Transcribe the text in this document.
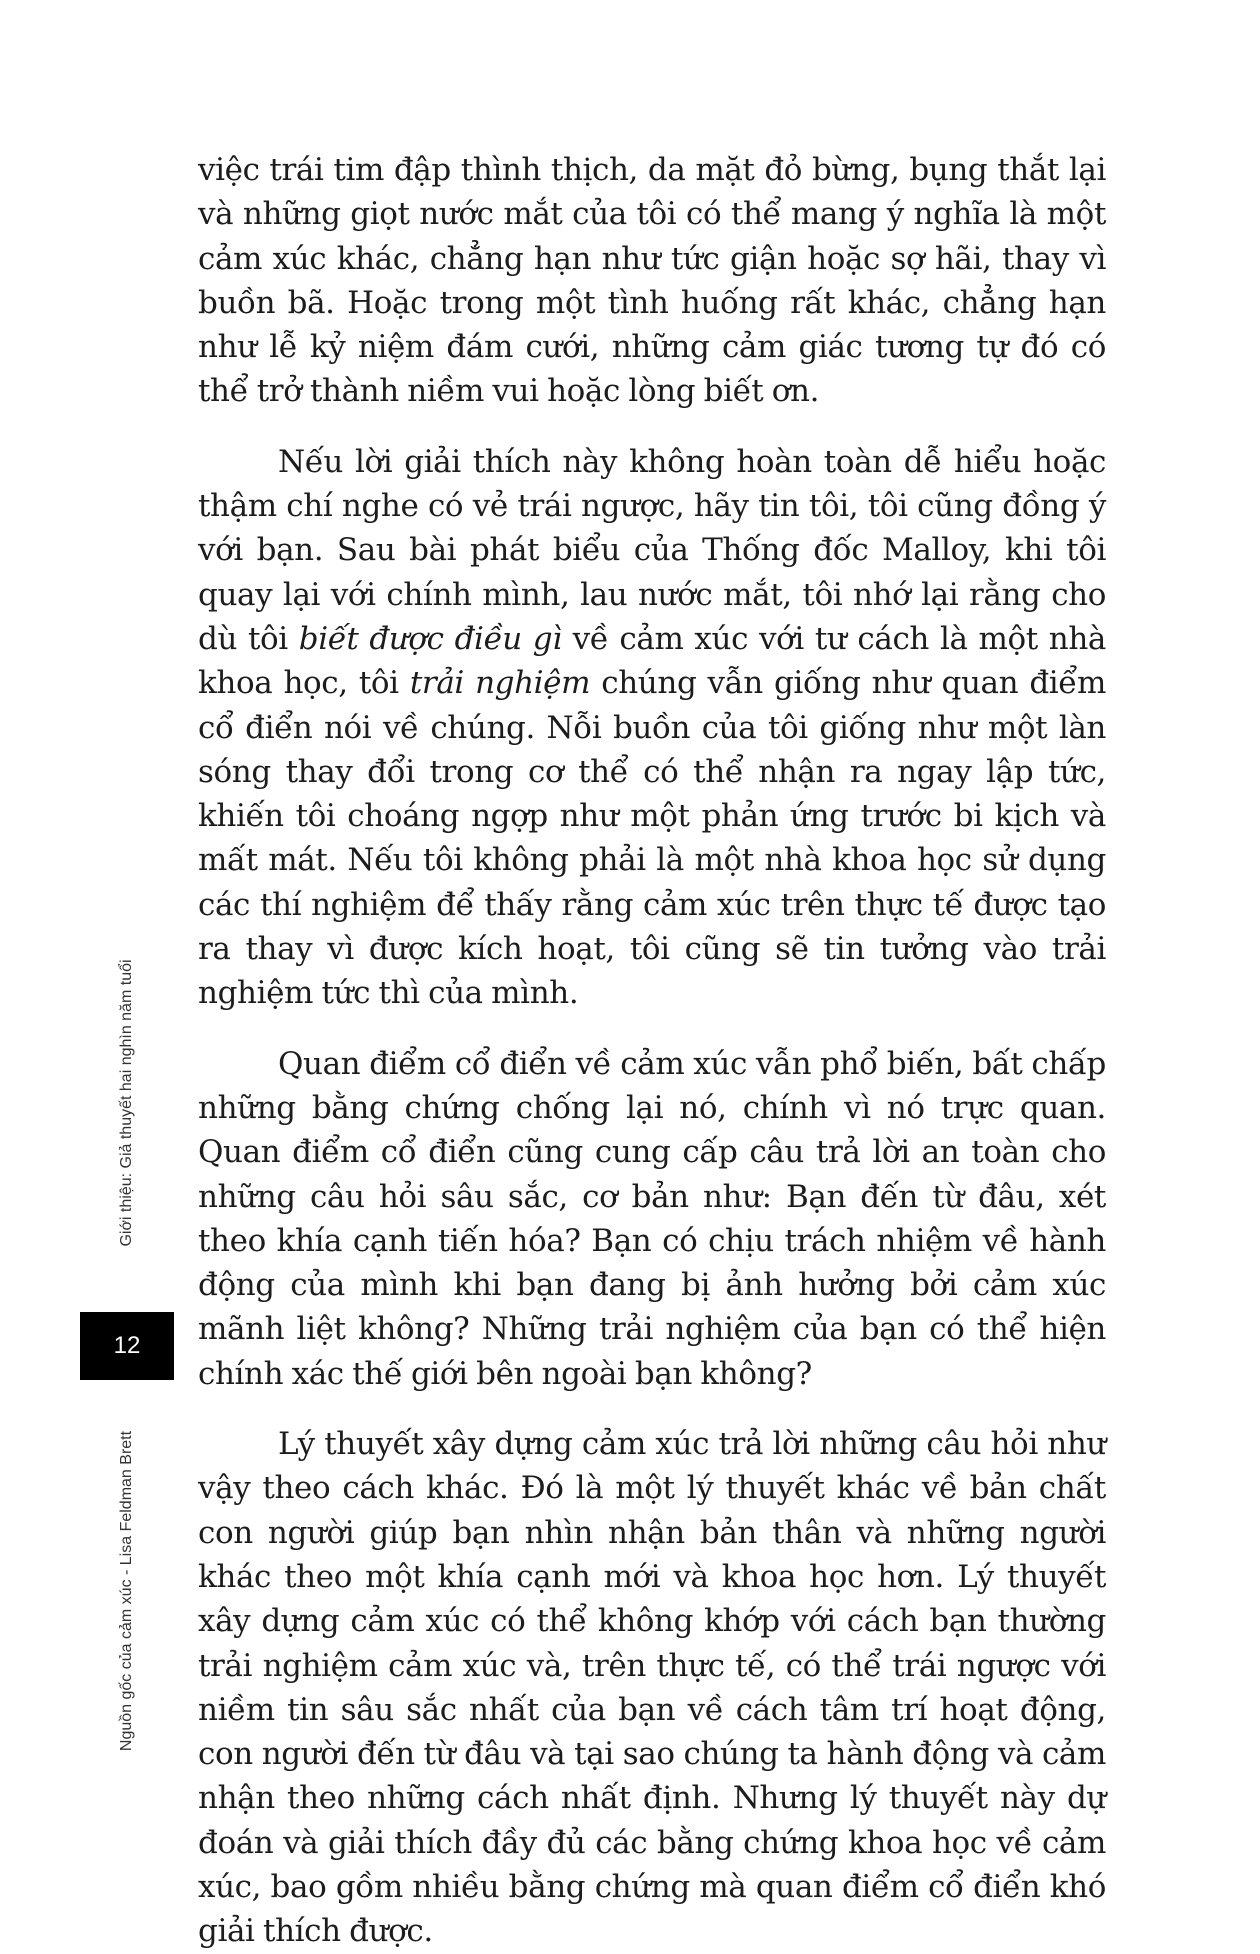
việc trái tim đập thình thịch, da mặt đỏ bừng, bụng thắt lại và những giọt nước mắt của tôi có thể mang ý nghĩa là một cảm xúc khác, chẳng hạn như tức giận hoặc sợ hãi, thay vì buồn bã. Hoặc trong một tình huống rất khác, chẳng hạn như lễ kỷ niệm đám cưới, những cảm giác tương tự đó có thể trở thành niềm vui hoặc lòng biết ơn.

Nếu lời giải thích này không hoàn toàn dễ hiểu hoặc thậm chí nghe có vẻ trái ngược, hãy tin tôi, tôi cũng đồng ý với bạn. Sau bài phát biểu của Thống đốc Malloy, khi tôi quay lại với chính mình, lau nước mắt, tôi nhớ lại rằng cho dù tôi biết được điều gì về cảm xúc với tư cách là một nhà khoa học, tôi trải nghiệm chúng vẫn giống như quan điểm cổ điển nói về chúng. Nỗi buồn của tôi giống như một làn sóng thay đổi trong cơ thể có thể nhận ra ngay lập tức, khiến tôi choáng ngợp như một phản ứng trước bi kịch và mất mát. Nếu tôi không phải là một nhà khoa học sử dụng các thí nghiệm để thấy rằng cảm xúc trên thực tế được tạo ra thay vì được kích hoạt, tôi cũng sẽ tin tưởng vào trải nghiệm tức thì của mình.

Quan điểm cổ điển về cảm xúc vẫn phổ biến, bất chấp những bằng chứng chống lại nó, chính vì nó trực quan. Quan điểm cổ điển cũng cung cấp câu trả lời an toàn cho những câu hỏi sâu sắc, cơ bản như: Bạn đến từ đâu, xét theo khía cạnh tiến hóa? Bạn có chịu trách nhiệm về hành động của mình khi bạn đang bị ảnh hưởng bởi cảm xúc mãnh liệt không? Những trải nghiệm của bạn có thể hiện chính xác thế giới bên ngoài bạn không?

Lý thuyết xây dựng cảm xúc trả lời những câu hỏi như vậy theo cách khác. Đó là một lý thuyết khác về bản chất con người giúp bạn nhìn nhận bản thân và những người khác theo một khía cạnh mới và khoa học hơn. Lý thuyết xây dựng cảm xúc có thể không khớp với cách bạn thường trải nghiệm cảm xúc và, trên thực tế, có thể trái ngược với niềm tin sâu sắc nhất của bạn về cách tâm trí hoạt động, con người đến từ đâu và tại sao chúng ta hành động và cảm nhận theo những cách nhất định. Nhưng lý thuyết này dự đoán và giải thích đầy đủ các bằng chứng khoa học về cảm xúc, bao gồm nhiều bằng chứng mà quan điểm cổ điển khó giải thích được.

Giới thiệu: Giả thuyết hai nghìn năm tuổi
12
Nguồn gốc của cảm xúc - Lisa Feldman Brett
